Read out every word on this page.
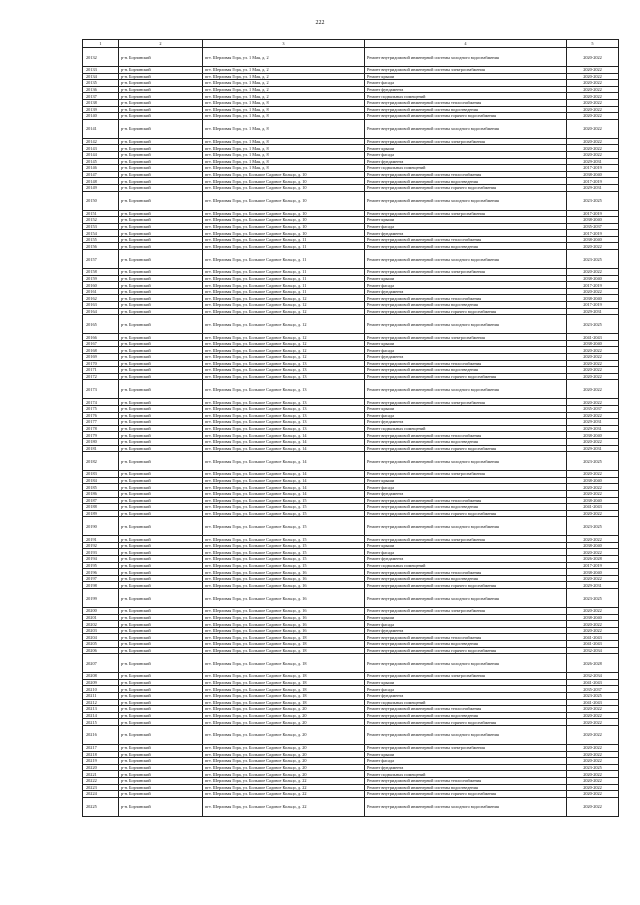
222
1	2	3	4	5
20132	р-н. Борзинский	пгт. Шерловая Гора, ул. 1 Мая, д. 2	Ремонт внутридомовой инженерной системы холодного водоснабжения	2020-2022
20133	р-н. Борзинский	пгт. Шерловая Гора, ул. 1 Мая, д. 2	Ремонт внутридомовой инженерной системы электроснабжения	2020-2022
20134	р-н. Борзинский	пгт. Шерловая Гора, ул. 1 Мая, д. 2	Ремонт крыши	2020-2022
20135	р-н. Борзинский	пгт. Шерловая Гора, ул. 1 Мая, д. 2	Ремонт фасада	2020-2022
20136	р-н. Борзинский	пгт. Шерловая Гора, ул. 1 Мая, д. 2	Ремонт фундамента	2020-2022
20137	р-н. Борзинский	пгт. Шерловая Гора, ул. 1 Мая, д. 2	Ремонт подвальных помещений	2020-2022
20138	р-н. Борзинский	пгт. Шерловая Гора, ул. 1 Мая, д. 8	Ремонт внутридомовой инженерной системы теплоснабжения	2020-2022
20139	р-н. Борзинский	пгт. Шерловая Гора, ул. 1 Мая, д. 8	Ремонт внутридомовой инженерной системы водоотведения	2020-2022
20140	р-н. Борзинский	пгт. Шерловая Гора, ул. 1 Мая, д. 8	Ремонт внутридомовой инженерной системы горячего водоснабжения	2020-2022
20141	р-н. Борзинский	пгт. Шерловая Гора, ул. 1 Мая, д. 8	Ремонт внутридомовой инженерной системы холодного водоснабжения	2020-2022
20142	р-н. Борзинский	пгт. Шерловая Гора, ул. 1 Мая, д. 8	Ремонт внутридомовой инженерной системы электроснабжения	2020-2022
20143	р-н. Борзинский	пгт. Шерловая Гора, ул. 1 Мая, д. 8	Ремонт крыши	2020-2022
20144	р-н. Борзинский	пгт. Шерловая Гора, ул. 1 Мая, д. 8	Ремонт фасада	2020-2022
20145	р-н. Борзинский	пгт. Шерловая Гора, ул. 1 Мая, д. 8	Ремонт фундамента	2029-2031
20146	р-н. Борзинский	пгт. Шерловая Гора, ул. 1 Мая, д. 8	Ремонт подвальных помещений	2017-2019
20147	р-н. Борзинский	пгт. Шерловая Гора, ул. Большое Садовое Кольцо, д. 10	Ремонт внутридомовой инженерной системы теплоснабжения	2038-2040
20148	р-н. Борзинский	пгт. Шерловая Гора, ул. Большое Садовое Кольцо, д. 10	Ремонт внутридомовой инженерной системы водоотведения	2017-2019
20149	р-н. Борзинский	пгт. Шерловая Гора, ул. Большое Садовое Кольцо, д. 10	Ремонт внутридомовой инженерной системы горячего водоснабжения	2029-2031
20150	р-н. Борзинский	пгт. Шерловая Гора, ул. Большое Садовое Кольцо, д. 10	Ремонт внутридомовой инженерной системы холодного водоснабжения	2023-2025
20151	р-н. Борзинский	пгт. Шерловая Гора, ул. Большое Садовое Кольцо, д. 10	Ремонт внутридомовой инженерной системы электроснабжения	2017-2019
20152	р-н. Борзинский	пгт. Шерловая Гора, ул. Большое Садовое Кольцо, д. 10	Ремонт крыши	2038-2040
20153	р-н. Борзинский	пгт. Шерловая Гора, ул. Большое Садовое Кольцо, д. 10	Ремонт фасада	2035-2037
20154	р-н. Борзинский	пгт. Шерловая Гора, ул. Большое Садовое Кольцо, д. 10	Ремонт фундамента	2017-2019
20155	р-н. Борзинский	пгт. Шерловая Гора, ул. Большое Садовое Кольцо, д. 11	Ремонт внутридомовой инженерной системы теплоснабжения	2038-2040
20156	р-н. Борзинский	пгт. Шерловая Гора, ул. Большое Садовое Кольцо, д. 11	Ремонт внутридомовой инженерной системы водоотведения	2020-2022
20157	р-н. Борзинский	пгт. Шерловая Гора, ул. Большое Садовое Кольцо, д. 11	Ремонт внутридомовой инженерной системы холодного водоснабжения	2023-2025
20158	р-н. Борзинский	пгт. Шерловая Гора, ул. Большое Садовое Кольцо, д. 11	Ремонт внутридомовой инженерной системы электроснабжения	2020-2022
20159	р-н. Борзинский	пгт. Шерловая Гора, ул. Большое Садовое Кольцо, д. 11	Ремонт крыши	2038-2040
20160	р-н. Борзинский	пгт. Шерловая Гора, ул. Большое Садовое Кольцо, д. 11	Ремонт фасада	2017-2019
20161	р-н. Борзинский	пгт. Шерловая Гора, ул. Большое Садовое Кольцо, д. 11	Ремонт фундамента	2020-2022
20162	р-н. Борзинский	пгт. Шерловая Гора, ул. Большое Садовое Кольцо, д. 12	Ремонт внутридомовой инженерной системы теплоснабжения	2038-2040
20163	р-н. Борзинский	пгт. Шерловая Гора, ул. Большое Садовое Кольцо, д. 12	Ремонт внутридомовой инженерной системы водоотведения	2017-2019
20164	р-н. Борзинский	пгт. Шерловая Гора, ул. Большое Садовое Кольцо, д. 12	Ремонт внутридомовой инженерной системы горячего водоснабжения	2029-2031
20165	р-н. Борзинский	пгт. Шерловая Гора, ул. Большое Садовое Кольцо, д. 12	Ремонт внутридомовой инженерной системы холодного водоснабжения	2023-2025
20166	р-н. Борзинский	пгт. Шерловая Гора, ул. Большое Садовое Кольцо, д. 12	Ремонт внутридомовой инженерной системы электроснабжения	2041-2043
20167	р-н. Борзинский	пгт. Шерловая Гора, ул. Большое Садовое Кольцо, д. 12	Ремонт крыши	2038-2040
20168	р-н. Борзинский	пгт. Шерловая Гора, ул. Большое Садовое Кольцо, д. 12	Ремонт фасада	2020-2022
20169	р-н. Борзинский	пгт. Шерловая Гора, ул. Большое Садовое Кольцо, д. 12	Ремонт фундамента	2020-2022
20170	р-н. Борзинский	пгт. Шерловая Гора, ул. Большое Садовое Кольцо, д. 13	Ремонт внутридомовой инженерной системы теплоснабжения	2020-2022
20171	р-н. Борзинский	пгт. Шерловая Гора, ул. Большое Садовое Кольцо, д. 13	Ремонт внутридомовой инженерной системы водоотведения	2020-2022
20172	р-н. Борзинский	пгт. Шерловая Гора, ул. Большое Садовое Кольцо, д. 13	Ремонт внутридомовой инженерной системы горячего водоснабжения	2020-2022
20173	р-н. Борзинский	пгт. Шерловая Гора, ул. Большое Садовое Кольцо, д. 13	Ремонт внутридомовой инженерной системы холодного водоснабжения	2020-2022
20174	р-н. Борзинский	пгт. Шерловая Гора, ул. Большое Садовое Кольцо, д. 13	Ремонт внутридомовой инженерной системы электроснабжения	2020-2022
20175	р-н. Борзинский	пгт. Шерловая Гора, ул. Большое Садовое Кольцо, д. 13	Ремонт крыши	2035-2037
20176	р-н. Борзинский	пгт. Шерловая Гора, ул. Большое Садовое Кольцо, д. 13	Ремонт фасада	2020-2022
20177	р-н. Борзинский	пгт. Шерловая Гора, ул. Большое Садовое Кольцо, д. 13	Ремонт фундамента	2029-2031
20178	р-н. Борзинский	пгт. Шерловая Гора, ул. Большое Садовое Кольцо, д. 13	Ремонт подвальных помещений	2029-2031
20179	р-н. Борзинский	пгт. Шерловая Гора, ул. Большое Садовое Кольцо, д. 14	Ремонт внутридомовой инженерной системы теплоснабжения	2038-2040
20180	р-н. Борзинский	пгт. Шерловая Гора, ул. Большое Садовое Кольцо, д. 14	Ремонт внутридомовой инженерной системы водоотведения	2020-2022
20181	р-н. Борзинский	пгт. Шерловая Гора, ул. Большое Садовое Кольцо, д. 14	Ремонт внутридомовой инженерной системы горячего водоснабжения	2029-2031
20182	р-н. Борзинский	пгт. Шерловая Гора, ул. Большое Садовое Кольцо, д. 14	Ремонт внутридомовой инженерной системы холодного водоснабжения	2023-2025
20183	р-н. Борзинский	пгт. Шерловая Гора, ул. Большое Садовое Кольцо, д. 14	Ремонт внутридомовой инженерной системы электроснабжения	2020-2022
20184	р-н. Борзинский	пгт. Шерловая Гора, ул. Большое Садовое Кольцо, д. 14	Ремонт крыши	2038-2040
20185	р-н. Борзинский	пгт. Шерловая Гора, ул. Большое Садовое Кольцо, д. 14	Ремонт фасада	2020-2022
20186	р-н. Борзинский	пгт. Шерловая Гора, ул. Большое Садовое Кольцо, д. 14	Ремонт фундамента	2020-2022
20187	р-н. Борзинский	пгт. Шерловая Гора, ул. Большое Садовое Кольцо, д. 15	Ремонт внутридомовой инженерной системы теплоснабжения	2038-2040
20188	р-н. Борзинский	пгт. Шерловая Гора, ул. Большое Садовое Кольцо, д. 15	Ремонт внутридомовой инженерной системы водоотведения	2041-2043
20189	р-н. Борзинский	пгт. Шерловая Гора, ул. Большое Садовое Кольцо, д. 15	Ремонт внутридомовой инженерной системы горячего водоснабжения	2020-2022
20190	р-н. Борзинский	пгт. Шерловая Гора, ул. Большое Садовое Кольцо, д. 15	Ремонт внутридомовой инженерной системы холодного водоснабжения	2023-2025
20191	р-н. Борзинский	пгт. Шерловая Гора, ул. Большое Садовое Кольцо, д. 15	Ремонт внутридомовой инженерной системы электроснабжения	2020-2022
20192	р-н. Борзинский	пгт. Шерловая Гора, ул. Большое Садовое Кольцо, д. 15	Ремонт крыши	2038-2040
20193	р-н. Борзинский	пгт. Шерловая Гора, ул. Большое Садовое Кольцо, д. 15	Ремонт фасада	2020-2022
20194	р-н. Борзинский	пгт. Шерловая Гора, ул. Большое Садовое Кольцо, д. 15	Ремонт фундамента	2026-2028
20195	р-н. Борзинский	пгт. Шерловая Гора, ул. Большое Садовое Кольцо, д. 15	Ремонт подвальных помещений	2017-2019
20196	р-н. Борзинский	пгт. Шерловая Гора, ул. Большое Садовое Кольцо, д. 16	Ремонт внутридомовой инженерной системы теплоснабжения	2038-2040
20197	р-н. Борзинский	пгт. Шерловая Гора, ул. Большое Садовое Кольцо, д. 16	Ремонт внутридомовой инженерной системы водоотведения	2020-2022
20198	р-н. Борзинский	пгт. Шерловая Гора, ул. Большое Садовое Кольцо, д. 16	Ремонт внутридомовой инженерной системы горячего водоснабжения	2029-2031
20199	р-н. Борзинский	пгт. Шерловая Гора, ул. Большое Садовое Кольцо, д. 16	Ремонт внутридомовой инженерной системы холодного водоснабжения	2023-2025
20200	р-н. Борзинский	пгт. Шерловая Гора, ул. Большое Садовое Кольцо, д. 16	Ремонт внутридомовой инженерной системы электроснабжения	2020-2022
20201	р-н. Борзинский	пгт. Шерловая Гора, ул. Большое Садовое Кольцо, д. 16	Ремонт крыши	2038-2040
20202	р-н. Борзинский	пгт. Шерловая Гора, ул. Большое Садовое Кольцо, д. 16	Ремонт фасада	2020-2022
20203	р-н. Борзинский	пгт. Шерловая Гора, ул. Большое Садовое Кольцо, д. 16	Ремонт фундамента	2020-2022
20204	р-н. Борзинский	пгт. Шерловая Гора, ул. Большое Садовое Кольцо, д. 18	Ремонт внутридомовой инженерной системы теплоснабжения	2041-2043
20205	р-н. Борзинский	пгт. Шерловая Гора, ул. Большое Садовое Кольцо, д. 18	Ремонт внутридомовой инженерной системы водоотведения	2041-2043
20206	р-н. Борзинский	пгт. Шерловая Гора, ул. Большое Садовое Кольцо, д. 18	Ремонт внутридомовой инженерной системы горячего водоснабжения	2032-2034
20207	р-н. Борзинский	пгт. Шерловая Гора, ул. Большое Садовое Кольцо, д. 18	Ремонт внутридомовой инженерной системы холодного водоснабжения	2026-2028
20208	р-н. Борзинский	пгт. Шерловая Гора, ул. Большое Садовое Кольцо, д. 18	Ремонт внутридомовой инженерной системы электроснабжения	2032-2034
20209	р-н. Борзинский	пгт. Шерловая Гора, ул. Большое Садовое Кольцо, д. 18	Ремонт крыши	2041-2043
20210	р-н. Борзинский	пгт. Шерловая Гора, ул. Большое Садовое Кольцо, д. 18	Ремонт фасада	2035-2037
20211	р-н. Борзинский	пгт. Шерловая Гора, ул. Большое Садовое Кольцо, д. 18	Ремонт фундамента	2023-2025
20212	р-н. Борзинский	пгт. Шерловая Гора, ул. Большое Садовое Кольцо, д. 18	Ремонт подвальных помещений	2041-2043
20213	р-н. Борзинский	пгт. Шерловая Гора, ул. Большое Садовое Кольцо, д. 20	Ремонт внутридомовой инженерной системы теплоснабжения	2020-2022
20214	р-н. Борзинский	пгт. Шерловая Гора, ул. Большое Садовое Кольцо, д. 20	Ремонт внутридомовой инженерной системы водоотведения	2020-2022
20215	р-н. Борзинский	пгт. Шерловая Гора, ул. Большое Садовое Кольцо, д. 20	Ремонт внутридомовой инженерной системы горячего водоснабжения	2020-2022
20216	р-н. Борзинский	пгт. Шерловая Гора, ул. Большое Садовое Кольцо, д. 20	Ремонт внутридомовой инженерной системы холодного водоснабжения	2020-2022
20217	р-н. Борзинский	пгт. Шерловая Гора, ул. Большое Садовое Кольцо, д. 20	Ремонт внутридомовой инженерной системы электроснабжения	2020-2022
20218	р-н. Борзинский	пгт. Шерловая Гора, ул. Большое Садовое Кольцо, д. 20	Ремонт крыши	2020-2022
20219	р-н. Борзинский	пгт. Шерловая Гора, ул. Большое Садовое Кольцо, д. 20	Ремонт фасада	2020-2022
20220	р-н. Борзинский	пгт. Шерловая Гора, ул. Большое Садовое Кольцо, д. 20	Ремонт фундамента	2023-2025
20221	р-н. Борзинский	пгт. Шерловая Гора, ул. Большое Садовое Кольцо, д. 20	Ремонт подвальных помещений	2020-2022
20222	р-н. Борзинский	пгт. Шерловая Гора, ул. Большое Садовое Кольцо, д. 22	Ремонт внутридомовой инженерной системы теплоснабжения	2020-2022
20223	р-н. Борзинский	пгт. Шерловая Гора, ул. Большое Садовое Кольцо, д. 22	Ремонт внутридомовой инженерной системы водоотведения	2020-2022
20224	р-н. Борзинский	пгт. Шерловая Гора, ул. Большое Садовое Кольцо, д. 22	Ремонт внутридомовой инженерной системы горячего водоснабжения	2020-2022
20225	р-н. Борзинский	пгт. Шерловая Гора, ул. Большое Садовое Кольцо, д. 22	Ремонт внутридомовой инженерной системы холодного водоснабжения	2020-2022
